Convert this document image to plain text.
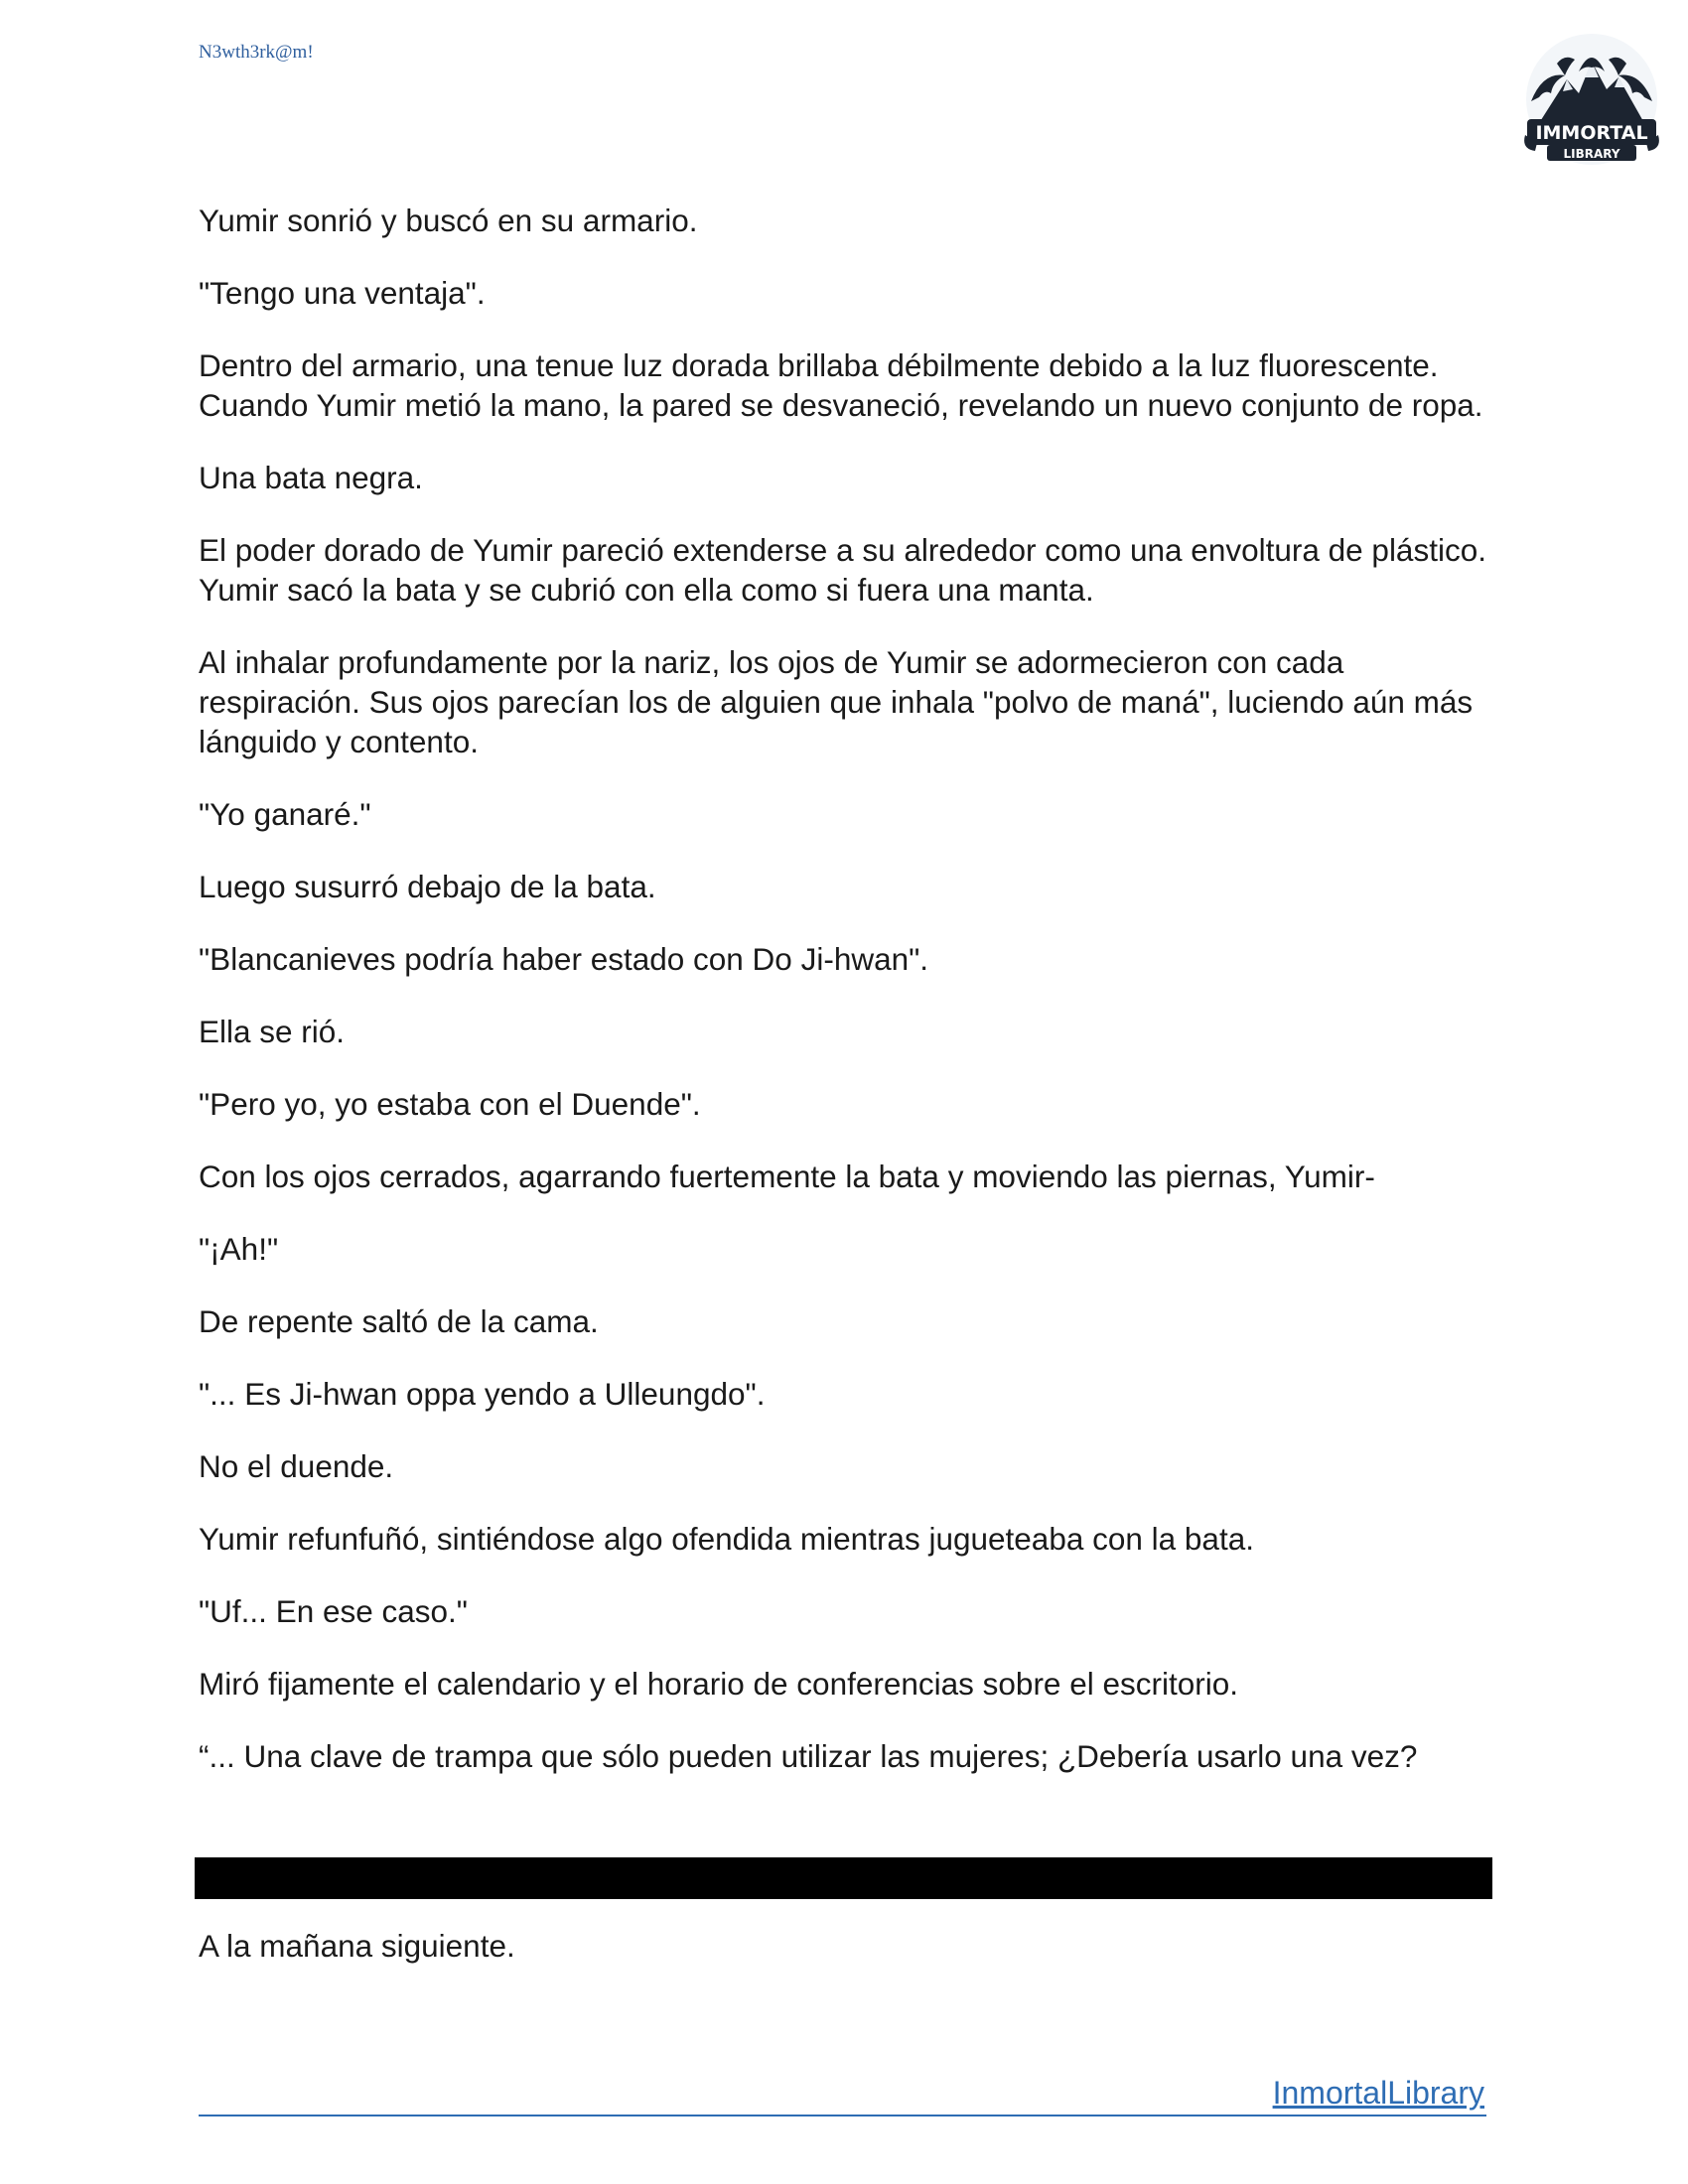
N3wth3rk@m!
IMMORTAL
LIBRARY

Yumir sonrió y buscó en su armario.

"Tengo una ventaja".

Dentro del armario, una tenue luz dorada brillaba débilmente debido a la luz fluorescente. Cuando Yumir metió la mano, la pared se desvaneció, revelando un nuevo conjunto de ropa.

Una bata negra.

El poder dorado de Yumir pareció extenderse a su alrededor como una envoltura de plástico. Yumir sacó la bata y se cubrió con ella como si fuera una manta.

Al inhalar profundamente por la nariz, los ojos de Yumir se adormecieron con cada respiración. Sus ojos parecían los de alguien que inhala "polvo de maná", luciendo aún más lánguido y contento.

"Yo ganaré."

Luego susurró debajo de la bata.

"Blancanieves podría haber estado con Do Ji-hwan".

Ella se rió.

"Pero yo, yo estaba con el Duende".

Con los ojos cerrados, agarrando fuertemente la bata y moviendo las piernas, Yumir-

"¡Ah!"

De repente saltó de la cama.

"... Es Ji-hwan oppa yendo a Ulleungdo".

No el duende.

Yumir refunfuñó, sintiéndose algo ofendida mientras jugueteaba con la bata.

"Uf... En ese caso."

Miró fijamente el calendario y el horario de conferencias sobre el escritorio.

“... Una clave de trampa que sólo pueden utilizar las mujeres; ¿Debería usarlo una vez?

A la mañana siguiente.

InmortalLibrary
